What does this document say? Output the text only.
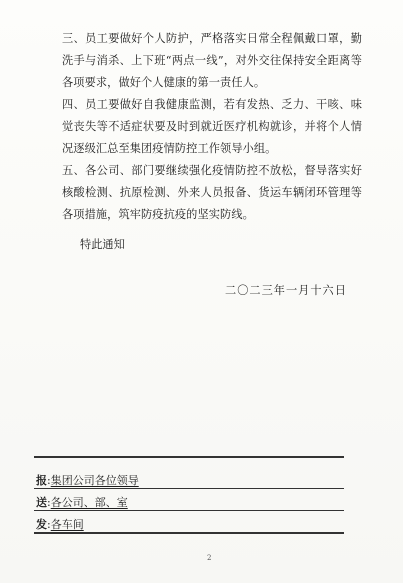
三、员工要做好个人防护，严格落实日常全程佩戴口罩，勤洗手与消杀、上下班“两点一线”，对外交往保持安全距离等各项要求，做好个人健康的第一责任人。

四、员工要做好自我健康监测，若有发热、乏力、干咳、味觉丧失等不适症状要及时到就近医疗机构就诊，并将个人情况逐级汇总至集团疫情防控工作领导小组。

五、各公司、部门要继续强化疫情防控不放松，督导落实好核酸检测、抗原检测、外来人员报备、货运车辆闭环管理等各项措施，筑牢防疫抗疫的坚实防线。

特此通知
二〇二三年一月十六日
报:集团公司各位领导
送:各公司、部、室
发:各车间
2
